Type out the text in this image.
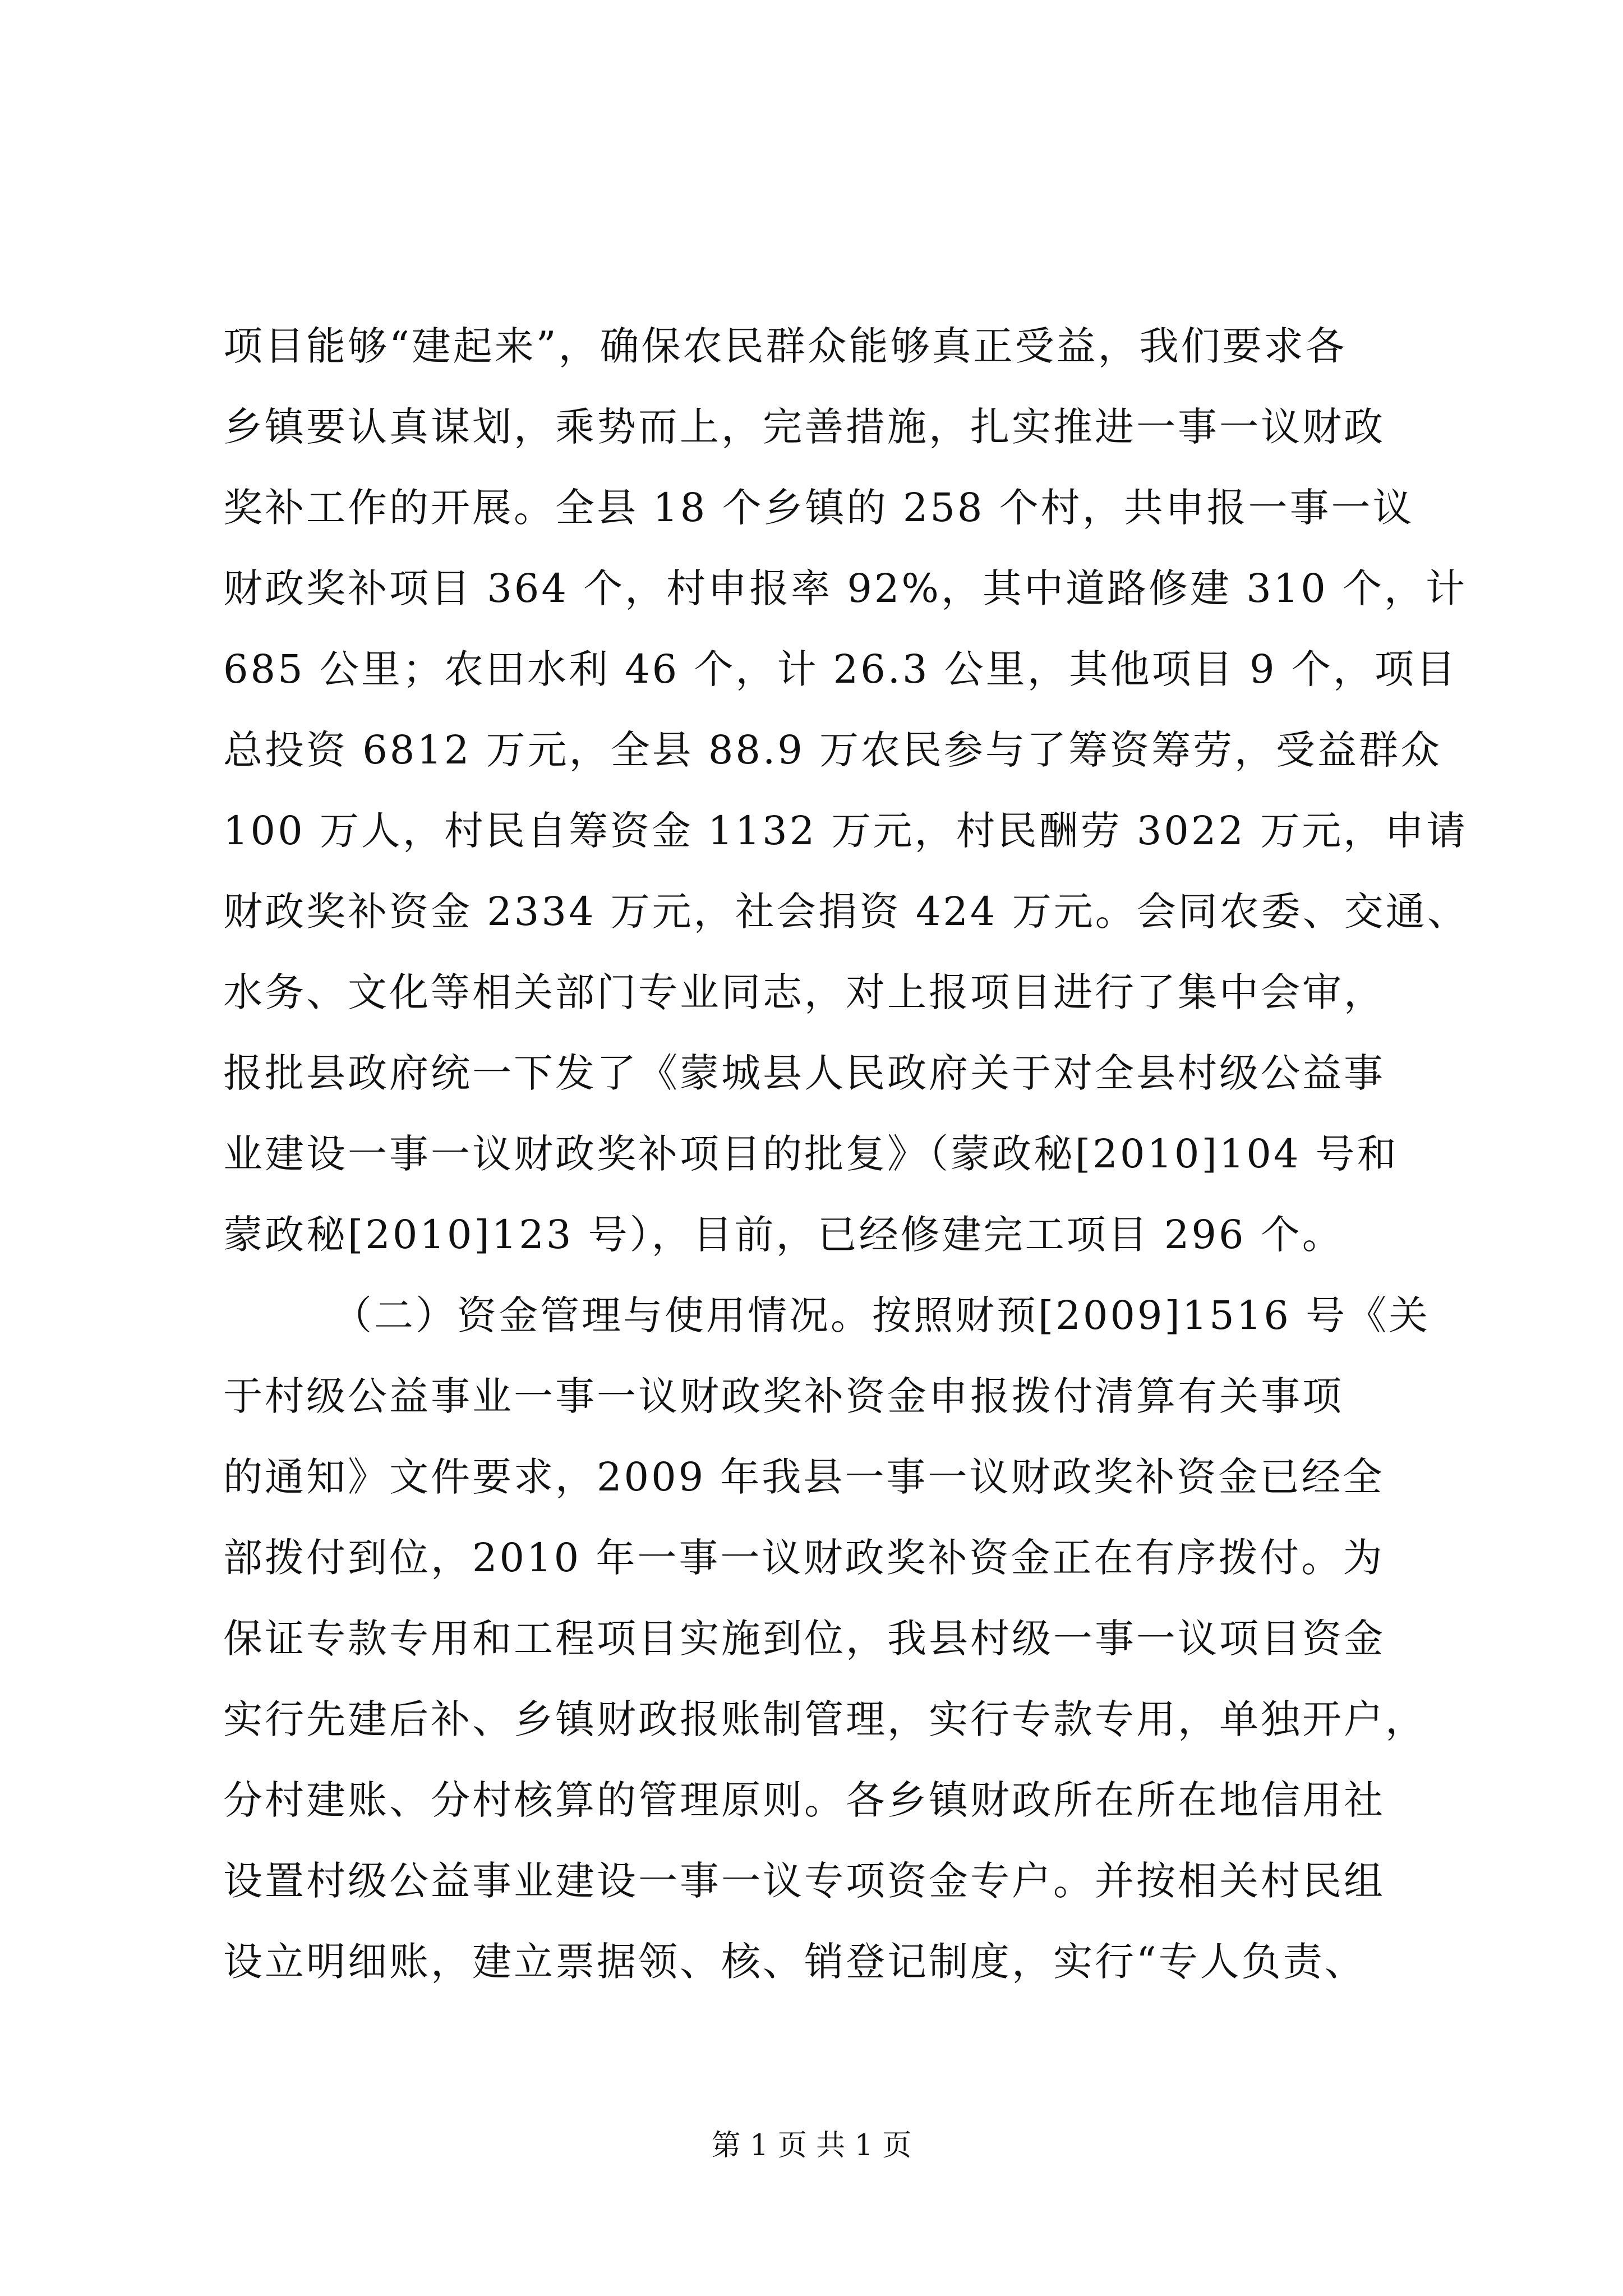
项目能够“建起来”，确保农民群众能够真正受益，我们要求各
乡镇要认真谋划，乘势而上，完善措施，扎实推进一事一议财政
奖补工作的开展。全县 18 个乡镇的 258 个村，共申报一事一议
财政奖补项目 364 个，村申报率 92%，其中道路修建 310 个，计
685 公里；农田水利 46 个，计 26.3 公里，其他项目 9 个，项目
总投资 6812 万元，全县 88.9 万农民参与了筹资筹劳，受益群众
100 万人，村民自筹资金 1132 万元，村民酬劳 3022 万元，申请
财政奖补资金 2334 万元，社会捐资 424 万元。会同农委、交通、
水务、文化等相关部门专业同志，对上报项目进行了集中会审，
报批县政府统一下发了《蒙城县人民政府关于对全县村级公益事
业建设一事一议财政奖补项目的批复》（蒙政秘[2010]104 号和
蒙政秘[2010]123 号），目前，已经修建完工项目 296 个。
（二）资金管理与使用情况。按照财预[2009]1516 号《关
于村级公益事业一事一议财政奖补资金申报拨付清算有关事项
的通知》文件要求，2009 年我县一事一议财政奖补资金已经全
部拨付到位，2010 年一事一议财政奖补资金正在有序拨付。为
保证专款专用和工程项目实施到位，我县村级一事一议项目资金
实行先建后补、乡镇财政报账制管理，实行专款专用，单独开户，
分村建账、分村核算的管理原则。各乡镇财政所在所在地信用社
设置村级公益事业建设一事一议专项资金专户。并按相关村民组
设立明细账，建立票据领、核、销登记制度，实行“专人负责、
第 1 页 共 1 页
